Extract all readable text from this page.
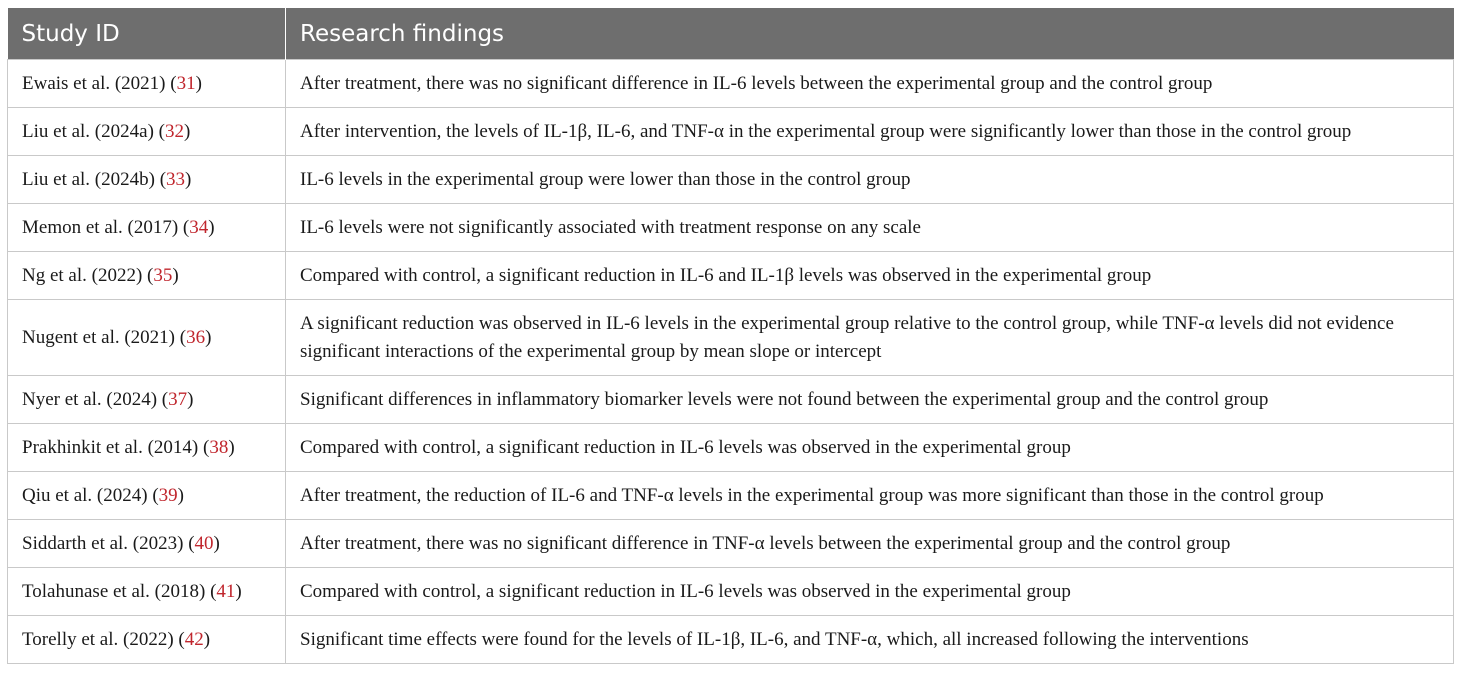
Study ID	Research findings
Ewais et al. (2021) (31)	After treatment, there was no significant difference in IL-6 levels between the experimental group and the control group
Liu et al. (2024a) (32)	After intervention, the levels of IL-1β, IL-6, and TNF-α in the experimental group were significantly lower than those in the control group
Liu et al. (2024b) (33)	IL-6 levels in the experimental group were lower than those in the control group
Memon et al. (2017) (34)	IL-6 levels were not significantly associated with treatment response on any scale
Ng et al. (2022) (35)	Compared with control, a significant reduction in IL-6 and IL-1β levels was observed in the experimental group
Nugent et al. (2021) (36)	A significant reduction was observed in IL-6 levels in the experimental group relative to the control group, while TNF-α levels did not evidence significant interactions of the experimental group by mean slope or intercept
Nyer et al. (2024) (37)	Significant differences in inflammatory biomarker levels were not found between the experimental group and the control group
Prakhinkit et al. (2014) (38)	Compared with control, a significant reduction in IL-6 levels was observed in the experimental group
Qiu et al. (2024) (39)	After treatment, the reduction of IL-6 and TNF-α levels in the experimental group was more significant than those in the control group
Siddarth et al. (2023) (40)	After treatment, there was no significant difference in TNF-α levels between the experimental group and the control group
Tolahunase et al. (2018) (41)	Compared with control, a significant reduction in IL-6 levels was observed in the experimental group
Torelly et al. (2022) (42)	Significant time effects were found for the levels of IL-1β, IL-6, and TNF-α, which, all increased following the interventions
